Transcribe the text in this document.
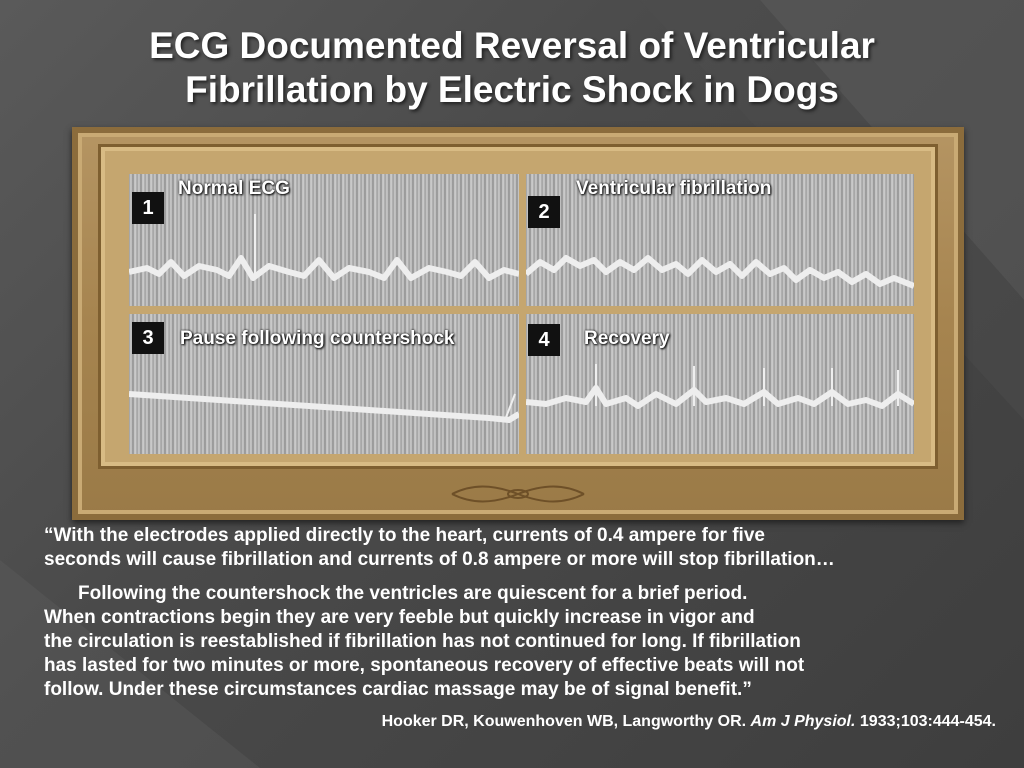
ECG Documented Reversal of Ventricular
Fibrillation by Electric Shock in Dogs
1
Normal ECG
2
Ventricular fibrillation
3	Pause following countershock	4	Recovery

“With the electrodes applied directly to the heart, currents of 0.4 ampere for five

seconds will cause fibrillation and currents of 0.8 ampere or more will stop fibrillation…

Following the countershock the ventricles are quiescent for a brief period.

When contractions begin they are very feeble but quickly increase in vigor and

the circulation is reestablished if fibrillation has not continued for long. If fibrillation

has lasted for two minutes or more, spontaneous recovery of effective beats will not

follow. Under these circumstances cardiac massage may be of signal benefit.”

Hooker DR, Kouwenhoven WB, Langworthy OR. Am J Physiol. 1933;103:444-454.
